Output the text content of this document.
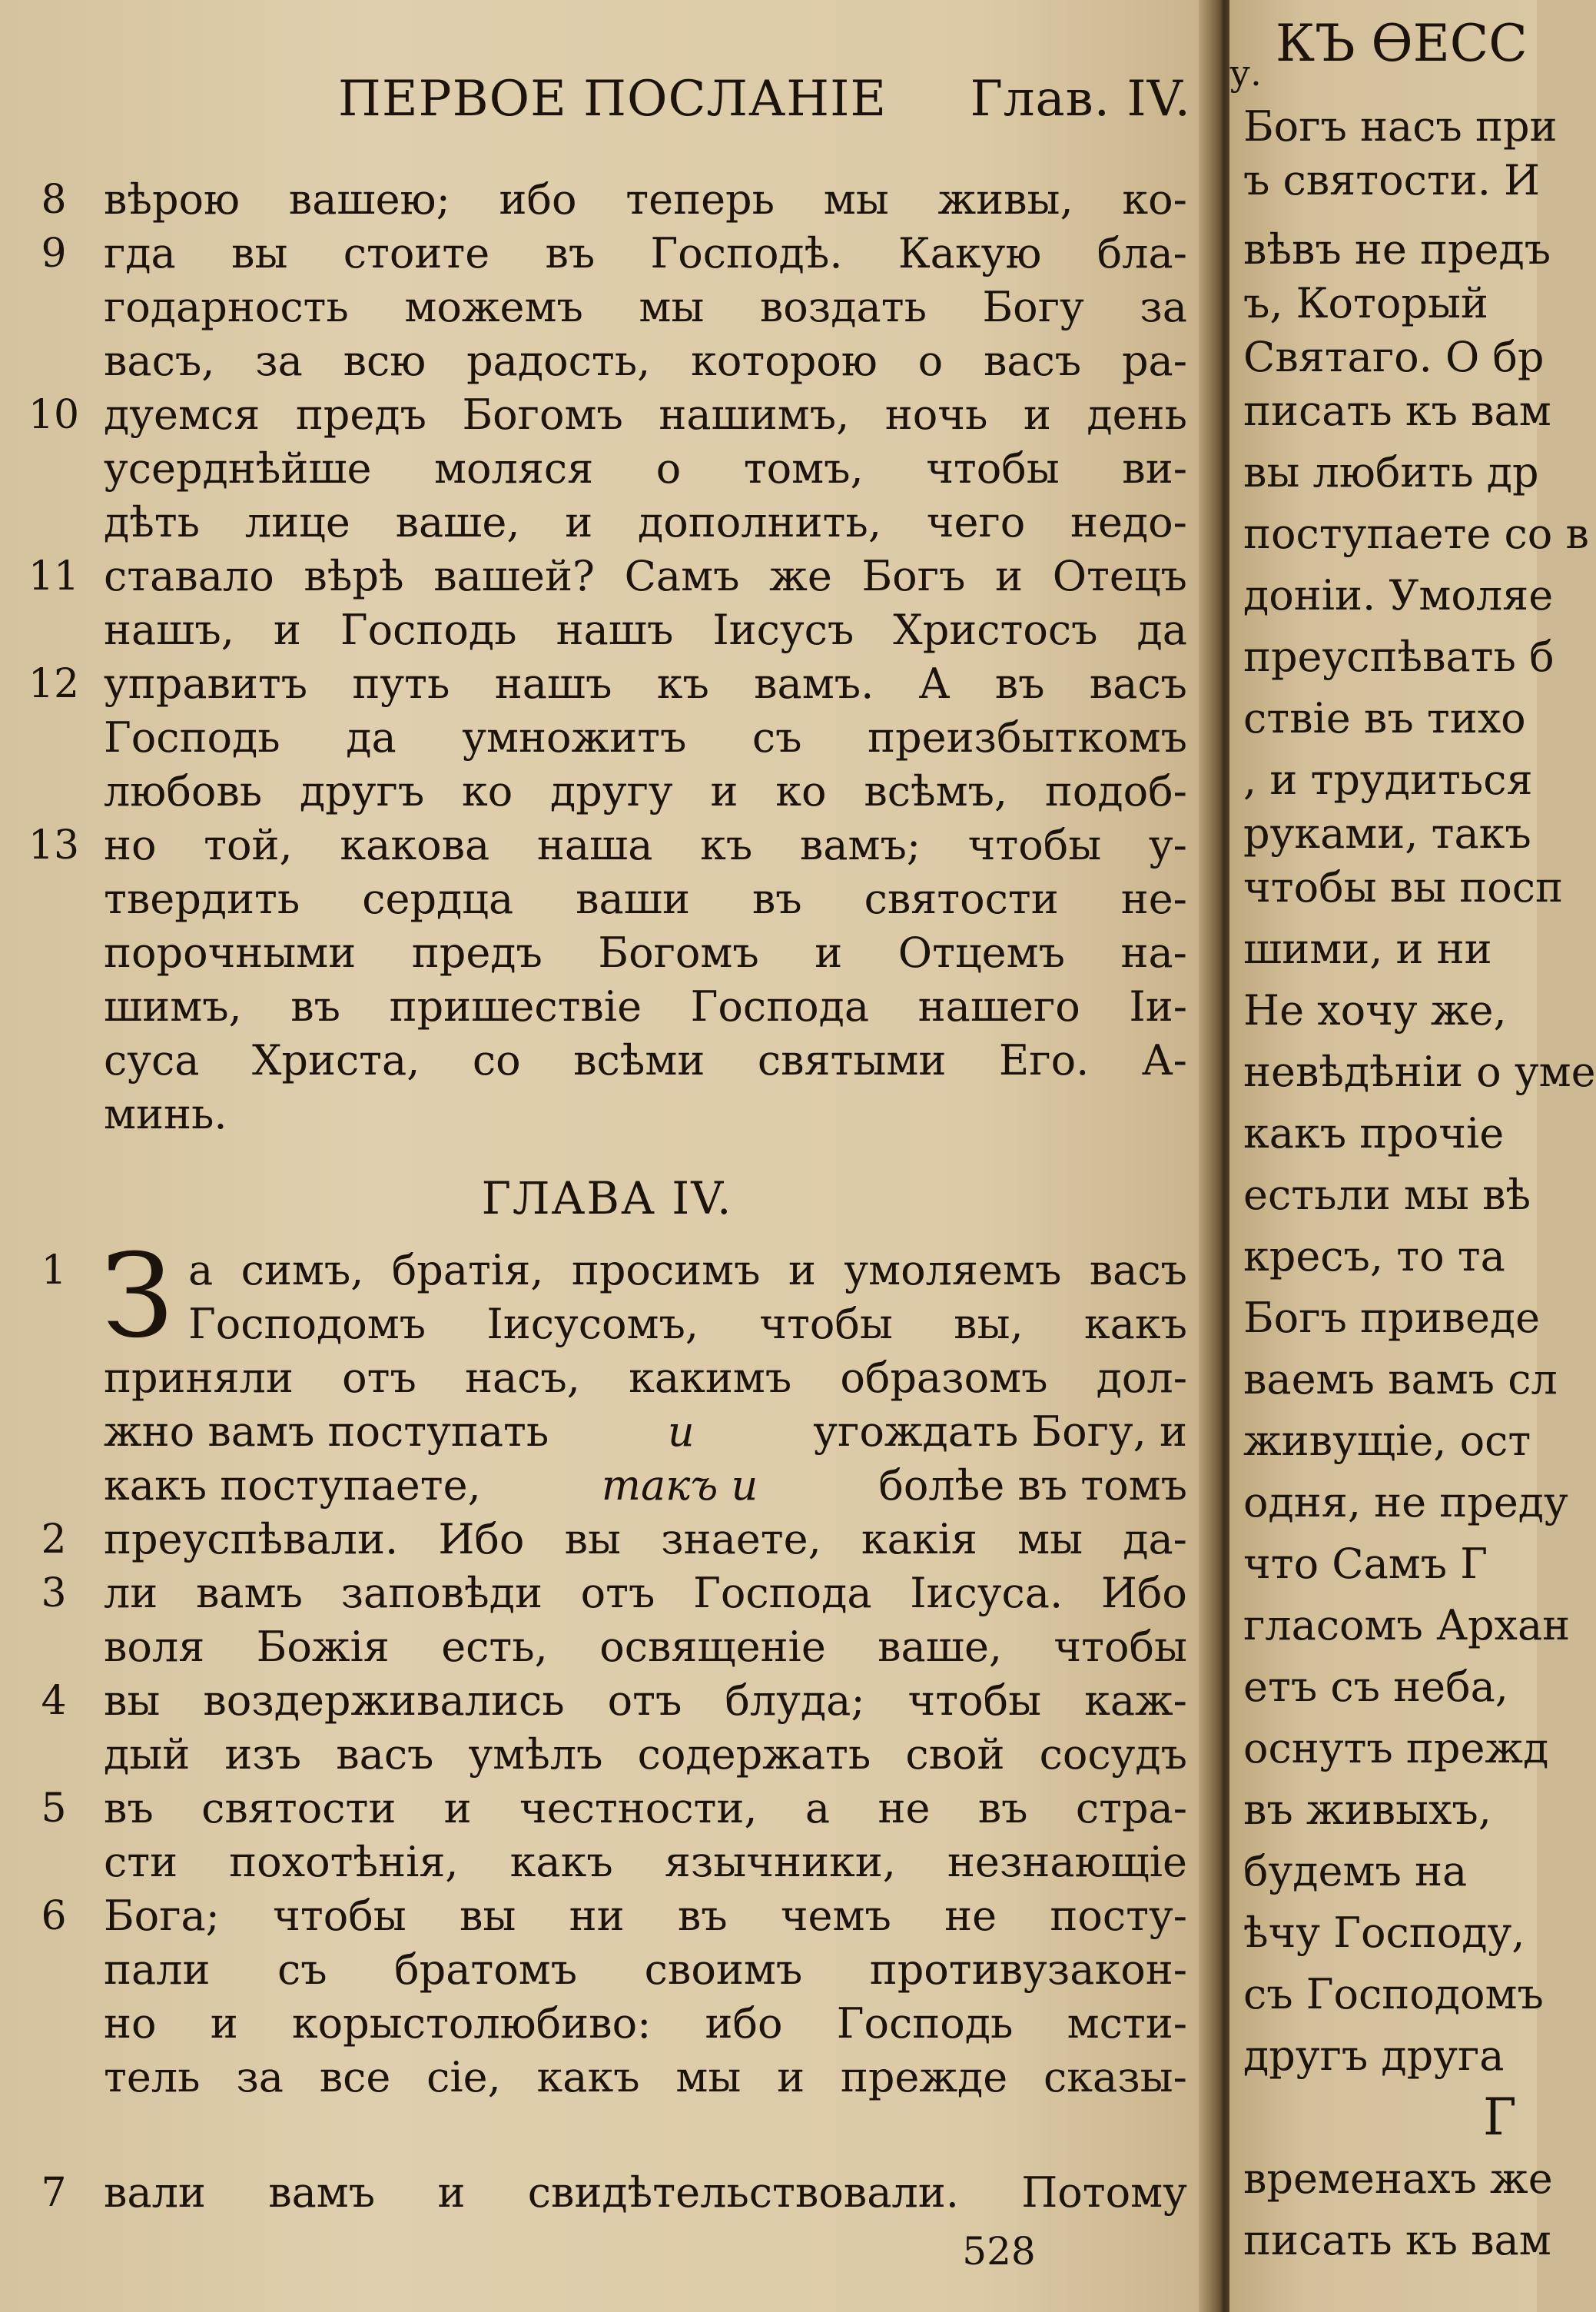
ПЕРВОЕ ПОСЛАНIЕ Глав. IV.
8 вѣрою вашею; ибо теперь мы живы, ко-
9 гда вы стоите въ Господѣ. Какую бла-
годарность можемъ мы воздать Богу за
васъ, за всю радость, которою о васъ ра-
10 дуемся предъ Богомъ нашимъ, ночь и день
усерднѣйше моляся о томъ, чтобы ви-
дѣть лице ваше, и дополнить, чего недо-
11 ставало вѣрѣ вашей? Самъ же Богъ и Отецъ
нашъ, и Господь нашъ Іисусъ Христосъ да
12 управитъ путь нашъ къ вамъ. А въ васъ
Господь да умножитъ съ преизбыткомъ
любовь другъ ко другу и ко всѣмъ, подоб-
13 но той, какова наша къ вамъ; чтобы у-
твердить сердца ваши въ святости не-
порочными предъ Богомъ и Отцемъ на-
шимъ, въ пришествіе Господа нашего Іи-
суса Христа, со всѣми святыми Его. А-
минь.
ГЛАВА IV.
1 З а симъ, братія, просимъ и умоляемъ васъ
Господомъ Іисусомъ, чтобы вы, какъ
приняли отъ насъ, какимъ образомъ дол-
жно вамъ поступать	и	угождать Богу, и
какъ поступаете,	такъ и	болѣе въ томъ
2 преуспѣвали. Ибо вы знаете, какія мы да-
3 ли вамъ заповѣди отъ Господа Іисуса. Ибо
воля Божія есть, освященіе ваше, чтобы
4 вы воздерживались отъ блуда; чтобы каж-
дый изъ васъ умѣлъ содержать свой сосудъ
5 въ святости и честности, а не въ стра-
сти похотѣнія, какъ язычники, незнающіе
6 Бога; чтобы вы ни въ чемъ не посту-
пали съ братомъ своимъ противузакон-
но и корыстолюбиво: ибо Господь мсти-
тель за все сіе, какъ мы и прежде сказы-
7 вали вамъ и свидѣтельствовали. Потому
528
КЪ ѲЕСС
у.
Богъ насъ при
ъ святости. И
вѣвъ не предъ
ъ, Который
Святаго. О бр
писать къ вам
вы любить др
поступаете со в
донiи. Умоляе
преуспѣвать б
ствiе въ тихо
, и трудиться
руками, такъ
чтобы вы посп
шими, и ни
Не хочу же,
невѣдѣнiи о уме
какъ прочiе
естьли мы вѣ
кресъ, то та
Богъ приведе
ваемъ вамъ сл
живущiе, ост
одня, не преду
что Самъ Г
гласомъ Архан
етъ съ неба,
оснутъ прежд
въ живыхъ,
будемъ на
ѣчу Господу,
съ Господомъ
другъ друга
Г
временахъ же
писать къ вам
